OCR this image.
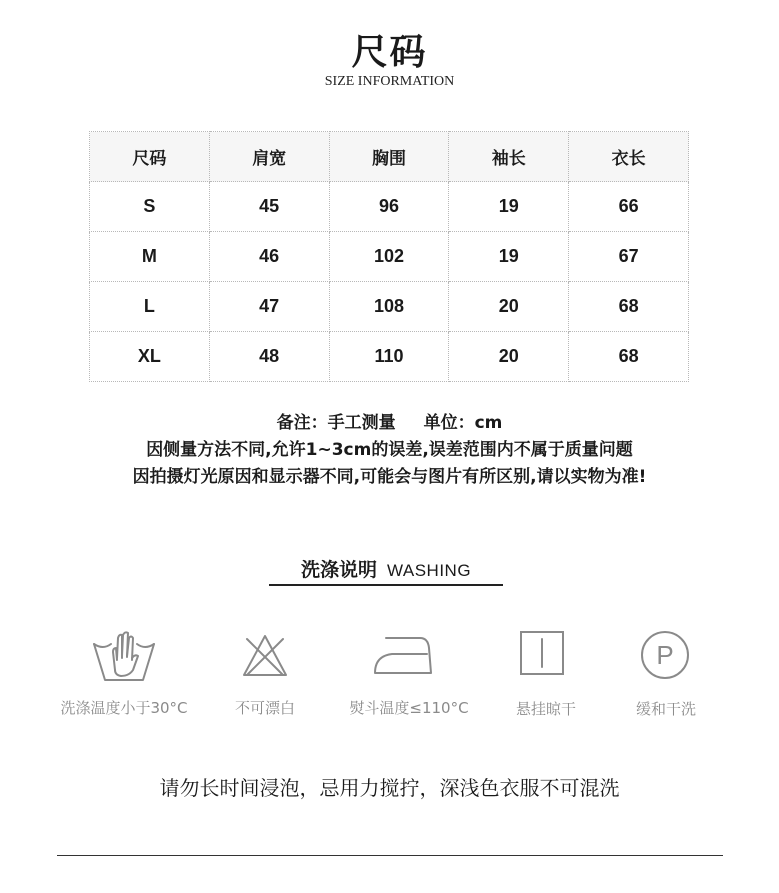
尺码
SIZE INFORMATION
尺码	肩宽	胸围	袖长	衣长
S	45	96	19	66
M	46	102	19	67
L	47	108	20	68
XL	48	110	20	68
备注：手工测量 单位：cm
因侧量方法不同,允许1~3cm的误差,误差范围内不属于质量问题
因拍摄灯光原因和显示器不同,可能会与图片有所区别,请以实物为准!
洗涤说明 WASHING
洗涤温度小于30°C	不可漂白	熨斗温度≤110°C	悬挂晾干
P
缓和干洗
请勿长时间浸泡，忌用力搅拧，深浅色衣服不可混洗
